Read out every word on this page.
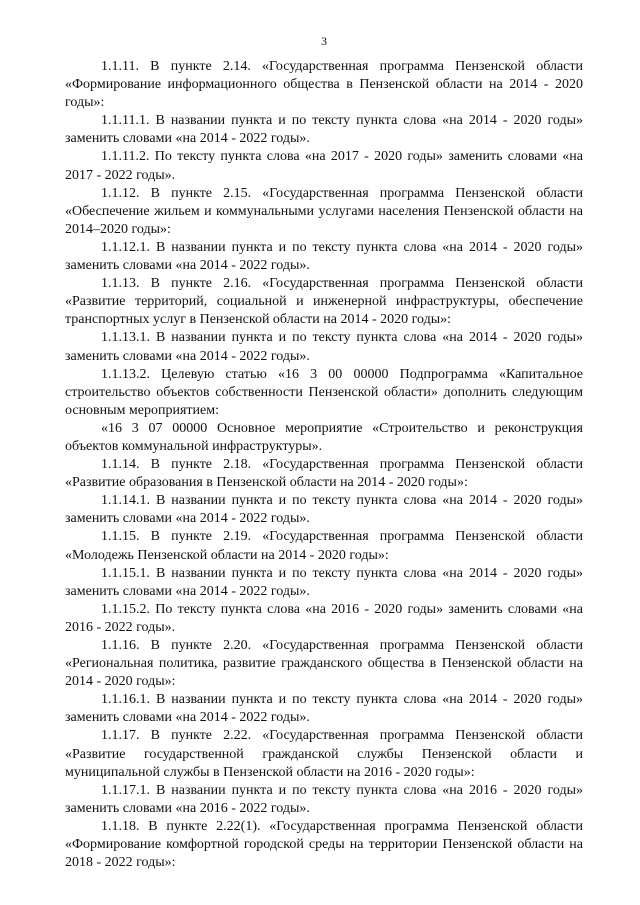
3

1.1.11. В пункте 2.14. «Государственная программа Пензенской области «Формирование информационного общества в Пензенской области на 2014 - 2020 годы»:

1.1.11.1. В названии пункта и по тексту пункта слова «на 2014 - 2020 годы» заменить словами «на 2014 - 2022 годы».

1.1.11.2. По тексту пункта слова «на 2017 - 2020 годы» заменить словами «на 2017 - 2022 годы».

1.1.12. В пункте 2.15. «Государственная программа Пензенской области «Обеспечение жильем и коммунальными услугами населения Пензенской области на 2014–2020 годы»:

1.1.12.1. В названии пункта и по тексту пункта слова «на 2014 - 2020 годы» заменить словами «на 2014 - 2022 годы».

1.1.13. В пункте 2.16. «Государственная программа Пензенской области «Развитие территорий, социальной и инженерной инфраструктуры, обеспечение транспортных услуг в Пензенской области на 2014 - 2020 годы»:

1.1.13.1. В названии пункта и по тексту пункта слова «на 2014 - 2020 годы» заменить словами «на 2014 - 2022 годы».

1.1.13.2. Целевую статью «16 3 00 00000 Подпрограмма «Капитальное строительство объектов собственности Пензенской области» дополнить следующим основным мероприятием:

«16 3 07 00000 Основное мероприятие «Строительство и реконструкция объектов коммунальной инфраструктуры».

1.1.14. В пункте 2.18. «Государственная программа Пензенской области «Развитие образования в Пензенской области на 2014 - 2020 годы»:

1.1.14.1. В названии пункта и по тексту пункта слова «на 2014 - 2020 годы» заменить словами «на 2014 - 2022 годы».

1.1.15. В пункте 2.19. «Государственная программа Пензенской области «Молодежь Пензенской области на 2014 - 2020 годы»:

1.1.15.1. В названии пункта и по тексту пункта слова «на 2014 - 2020 годы» заменить словами «на 2014 - 2022 годы».

1.1.15.2. По тексту пункта слова «на 2016 - 2020 годы» заменить словами «на 2016 - 2022 годы».

1.1.16. В пункте 2.20. «Государственная программа Пензенской области «Региональная политика, развитие гражданского общества в Пензенской области на 2014 - 2020 годы»:

1.1.16.1. В названии пункта и по тексту пункта слова «на 2014 - 2020 годы» заменить словами «на 2014 - 2022 годы».

1.1.17. В пункте 2.22. «Государственная программа Пензенской области «Развитие государственной гражданской службы Пензенской области и муниципальной службы в Пензенской области на 2016 - 2020 годы»:

1.1.17.1. В названии пункта и по тексту пункта слова «на 2016 - 2020 годы» заменить словами «на 2016 - 2022 годы».

1.1.18. В пункте 2.22(1). «Государственная программа Пензенской области «Формирование комфортной городской среды на территории Пензенской области на 2018 - 2022 годы»:
